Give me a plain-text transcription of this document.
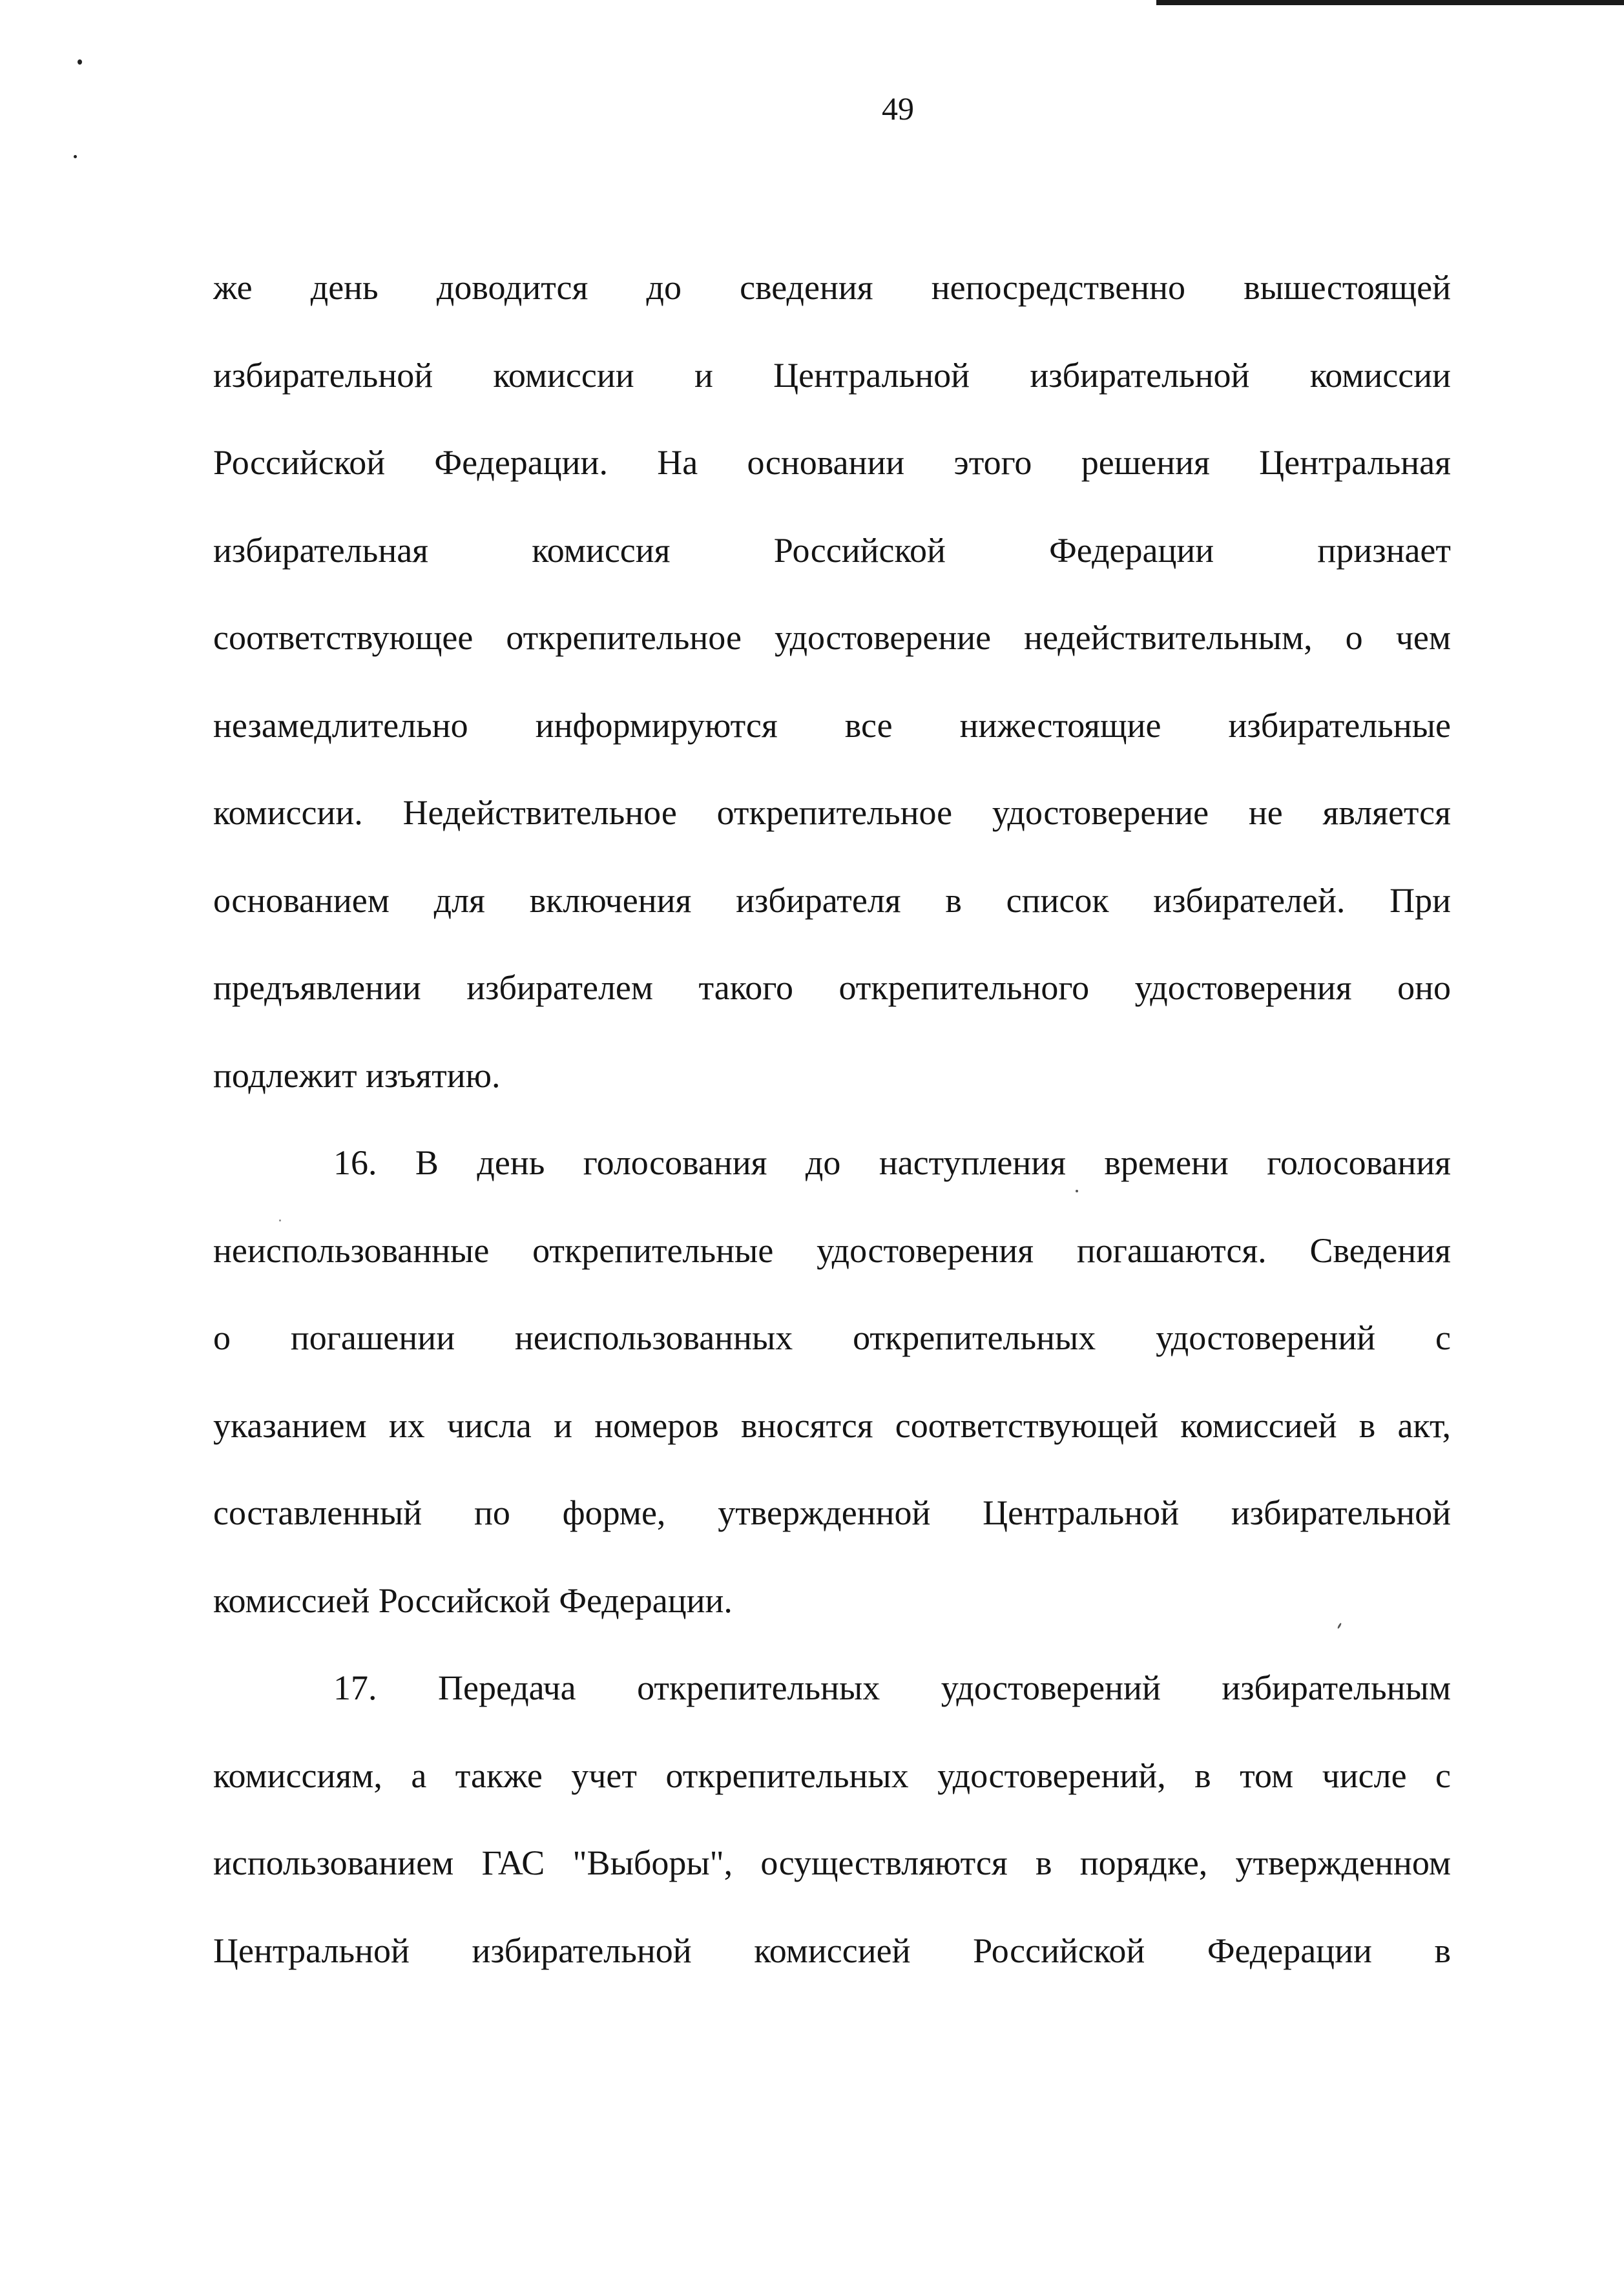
49
же день доводится до сведения непосредственно вышестоящей
избирательной комиссии и Центральной избирательной комиссии
Российской Федерации. На основании этого решения Центральная
избирательная комиссия Российской Федерации признает
соответствующее открепительное удостоверение недействительным, о чем
незамедлительно информируются все нижестоящие избирательные
комиссии. Недействительное открепительное удостоверение не является
основанием для включения избирателя в список избирателей. При
предъявлении избирателем такого открепительного удостоверения оно
подлежит изъятию.
16. В день голосования до наступления времени голосования
неиспользованные открепительные удостоверения погашаются. Сведения
о погашении неиспользованных открепительных удостоверений с
указанием их числа и номеров вносятся соответствующей комиссией в акт,
составленный по форме, утвержденной Центральной избирательной
комиссией Российской Федерации.
17. Передача открепительных удостоверений избирательным
комиссиям, а также учет открепительных удостоверений, в том числе с
использованием ГАС "Выборы", осуществляются в порядке, утвержденном
Центральной избирательной комиссией Российской Федерации в
